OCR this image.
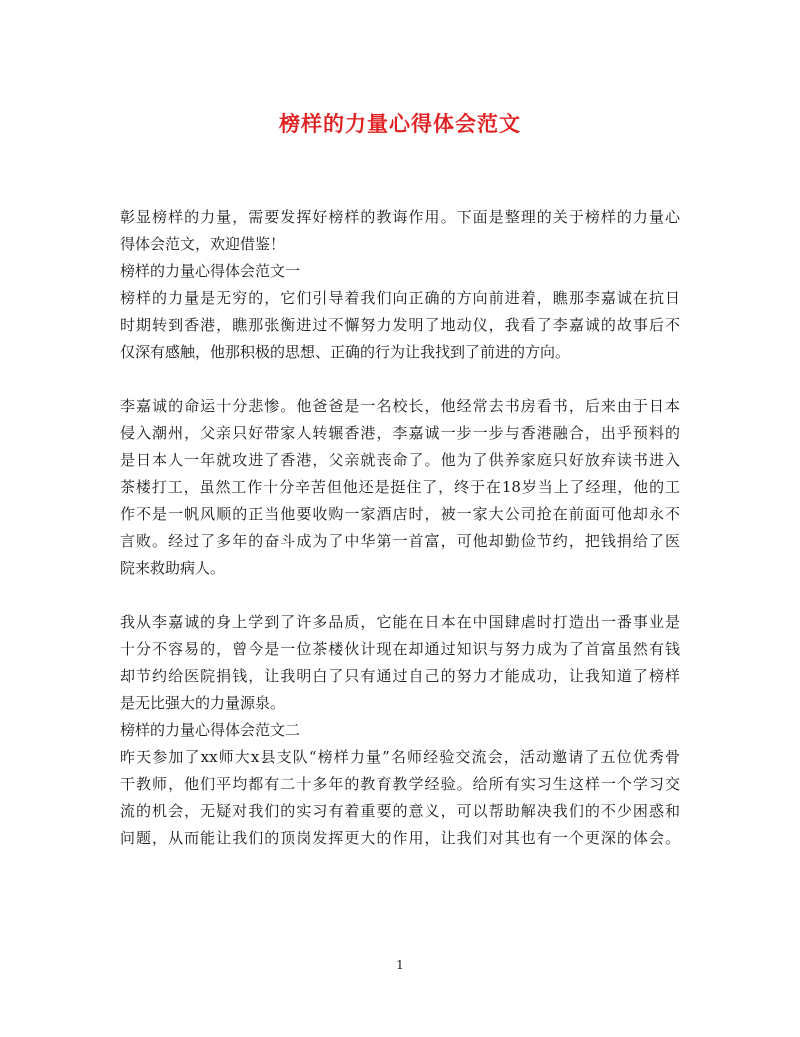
榜样的力量心得体会范文
彰显榜样的力量，需要发挥好榜样的教诲作用。下面是整理的关于榜样的力量心
得体会范文，欢迎借鉴！
榜样的力量心得体会范文一
榜样的力量是无穷的，它们引导着我们向正确的方向前进着，瞧那李嘉诚在抗日
时期转到香港，瞧那张衡进过不懈努力发明了地动仪，我看了李嘉诚的故事后不
仅深有感触，他那积极的思想、正确的行为让我找到了前进的方向。
李嘉诚的命运十分悲惨。他爸爸是一名校长，他经常去书房看书，后来由于日本
侵入潮州，父亲只好带家人转辗香港，李嘉诚一步一步与香港融合，出乎预料的
是日本人一年就攻进了香港，父亲就丧命了。他为了供养家庭只好放弃读书进入
茶楼打工，虽然工作十分辛苦但他还是挺住了，终于在18岁当上了经理，他的工
作不是一帆风顺的正当他要收购一家酒店时，被一家大公司抢在前面可他却永不
言败。经过了多年的奋斗成为了中华第一首富，可他却勤俭节约，把钱捐给了医
院来救助病人。
我从李嘉诚的身上学到了许多品质，它能在日本在中国肆虐时打造出一番事业是
十分不容易的，曾今是一位茶楼伙计现在却通过知识与努力成为了首富虽然有钱
却节约给医院捐钱，让我明白了只有通过自己的努力才能成功，让我知道了榜样
是无比强大的力量源泉。
榜样的力量心得体会范文二
昨天参加了xx师大x县支队“榜样力量”名师经验交流会，活动邀请了五位优秀骨
干教师，他们平均都有二十多年的教育教学经验。给所有实习生这样一个学习交
流的机会，无疑对我们的实习有着重要的意义，可以帮助解决我们的不少困惑和
问题，从而能让我们的顶岗发挥更大的作用，让我们对其也有一个更深的体会。
1
